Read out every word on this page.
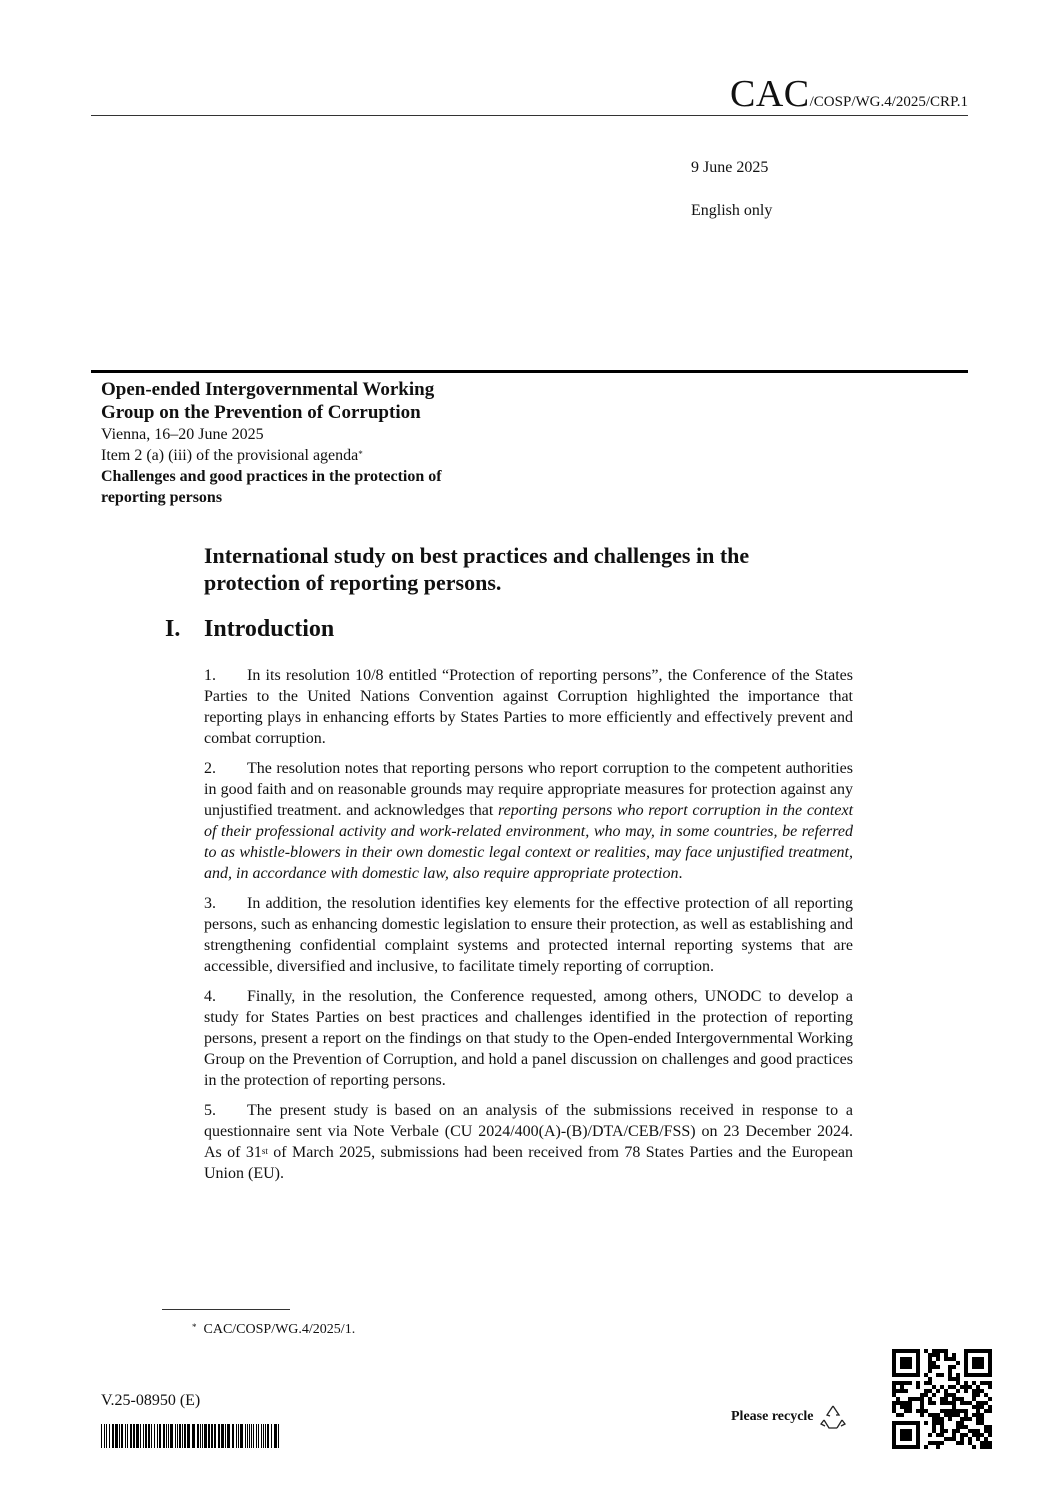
CAC/COSP/WG.4/2025/CRP.1
9 June 2025
English only
Open-ended Intergovernmental Working
Group on the Prevention of Corruption
Vienna, 16–20 June 2025
Item 2 (a) (iii) of the provisional agenda*
Challenges and good practices in the protection of
reporting persons
International study on best practices and challenges in the
protection of reporting persons.
I. Introduction

1. In its resolution 10/8 entitled “Protection of reporting persons”, the Conference of the States Parties to the United Nations Convention against Corruption highlighted the importance that reporting plays in enhancing efforts by States Parties to more efficiently and effectively prevent and combat corruption.

2. The resolution notes that reporting persons who report corruption to the competent authorities in good faith and on reasonable grounds may require appropriate measures for protection against any unjustified treatment. and acknowledges that reporting persons who report corruption in the context of their professional activity and work-related environment, who may, in some countries, be referred to as whistle-blowers in their own domestic legal context or realities, may face unjustified treatment, and, in accordance with domestic law, also require appropriate protection.

3. In addition, the resolution identifies key elements for the effective protection of all reporting persons, such as enhancing domestic legislation to ensure their protection, as well as establishing and strengthening confidential complaint systems and protected internal reporting systems that are accessible, diversified and inclusive, to facilitate timely reporting of corruption.

4. Finally, in the resolution, the Conference requested, among others, UNODC to develop a study for States Parties on best practices and challenges identified in the protection of reporting persons, present a report on the findings on that study to the Open-ended Intergovernmental Working Group on the Prevention of Corruption, and hold a panel discussion on challenges and good practices in the protection of reporting persons.

5. The present study is based on an analysis of the submissions received in response to a questionnaire sent via Note Verbale (CU 2024/400(A)-(B)/DTA/CEB/FSS) on 23 December 2024. As of 31st of March 2025, submissions had been received from 78 States Parties and the European Union (EU).

* CAC/COSP/WG.4/2025/1.
V.25-08950 (E)
Please recycle
